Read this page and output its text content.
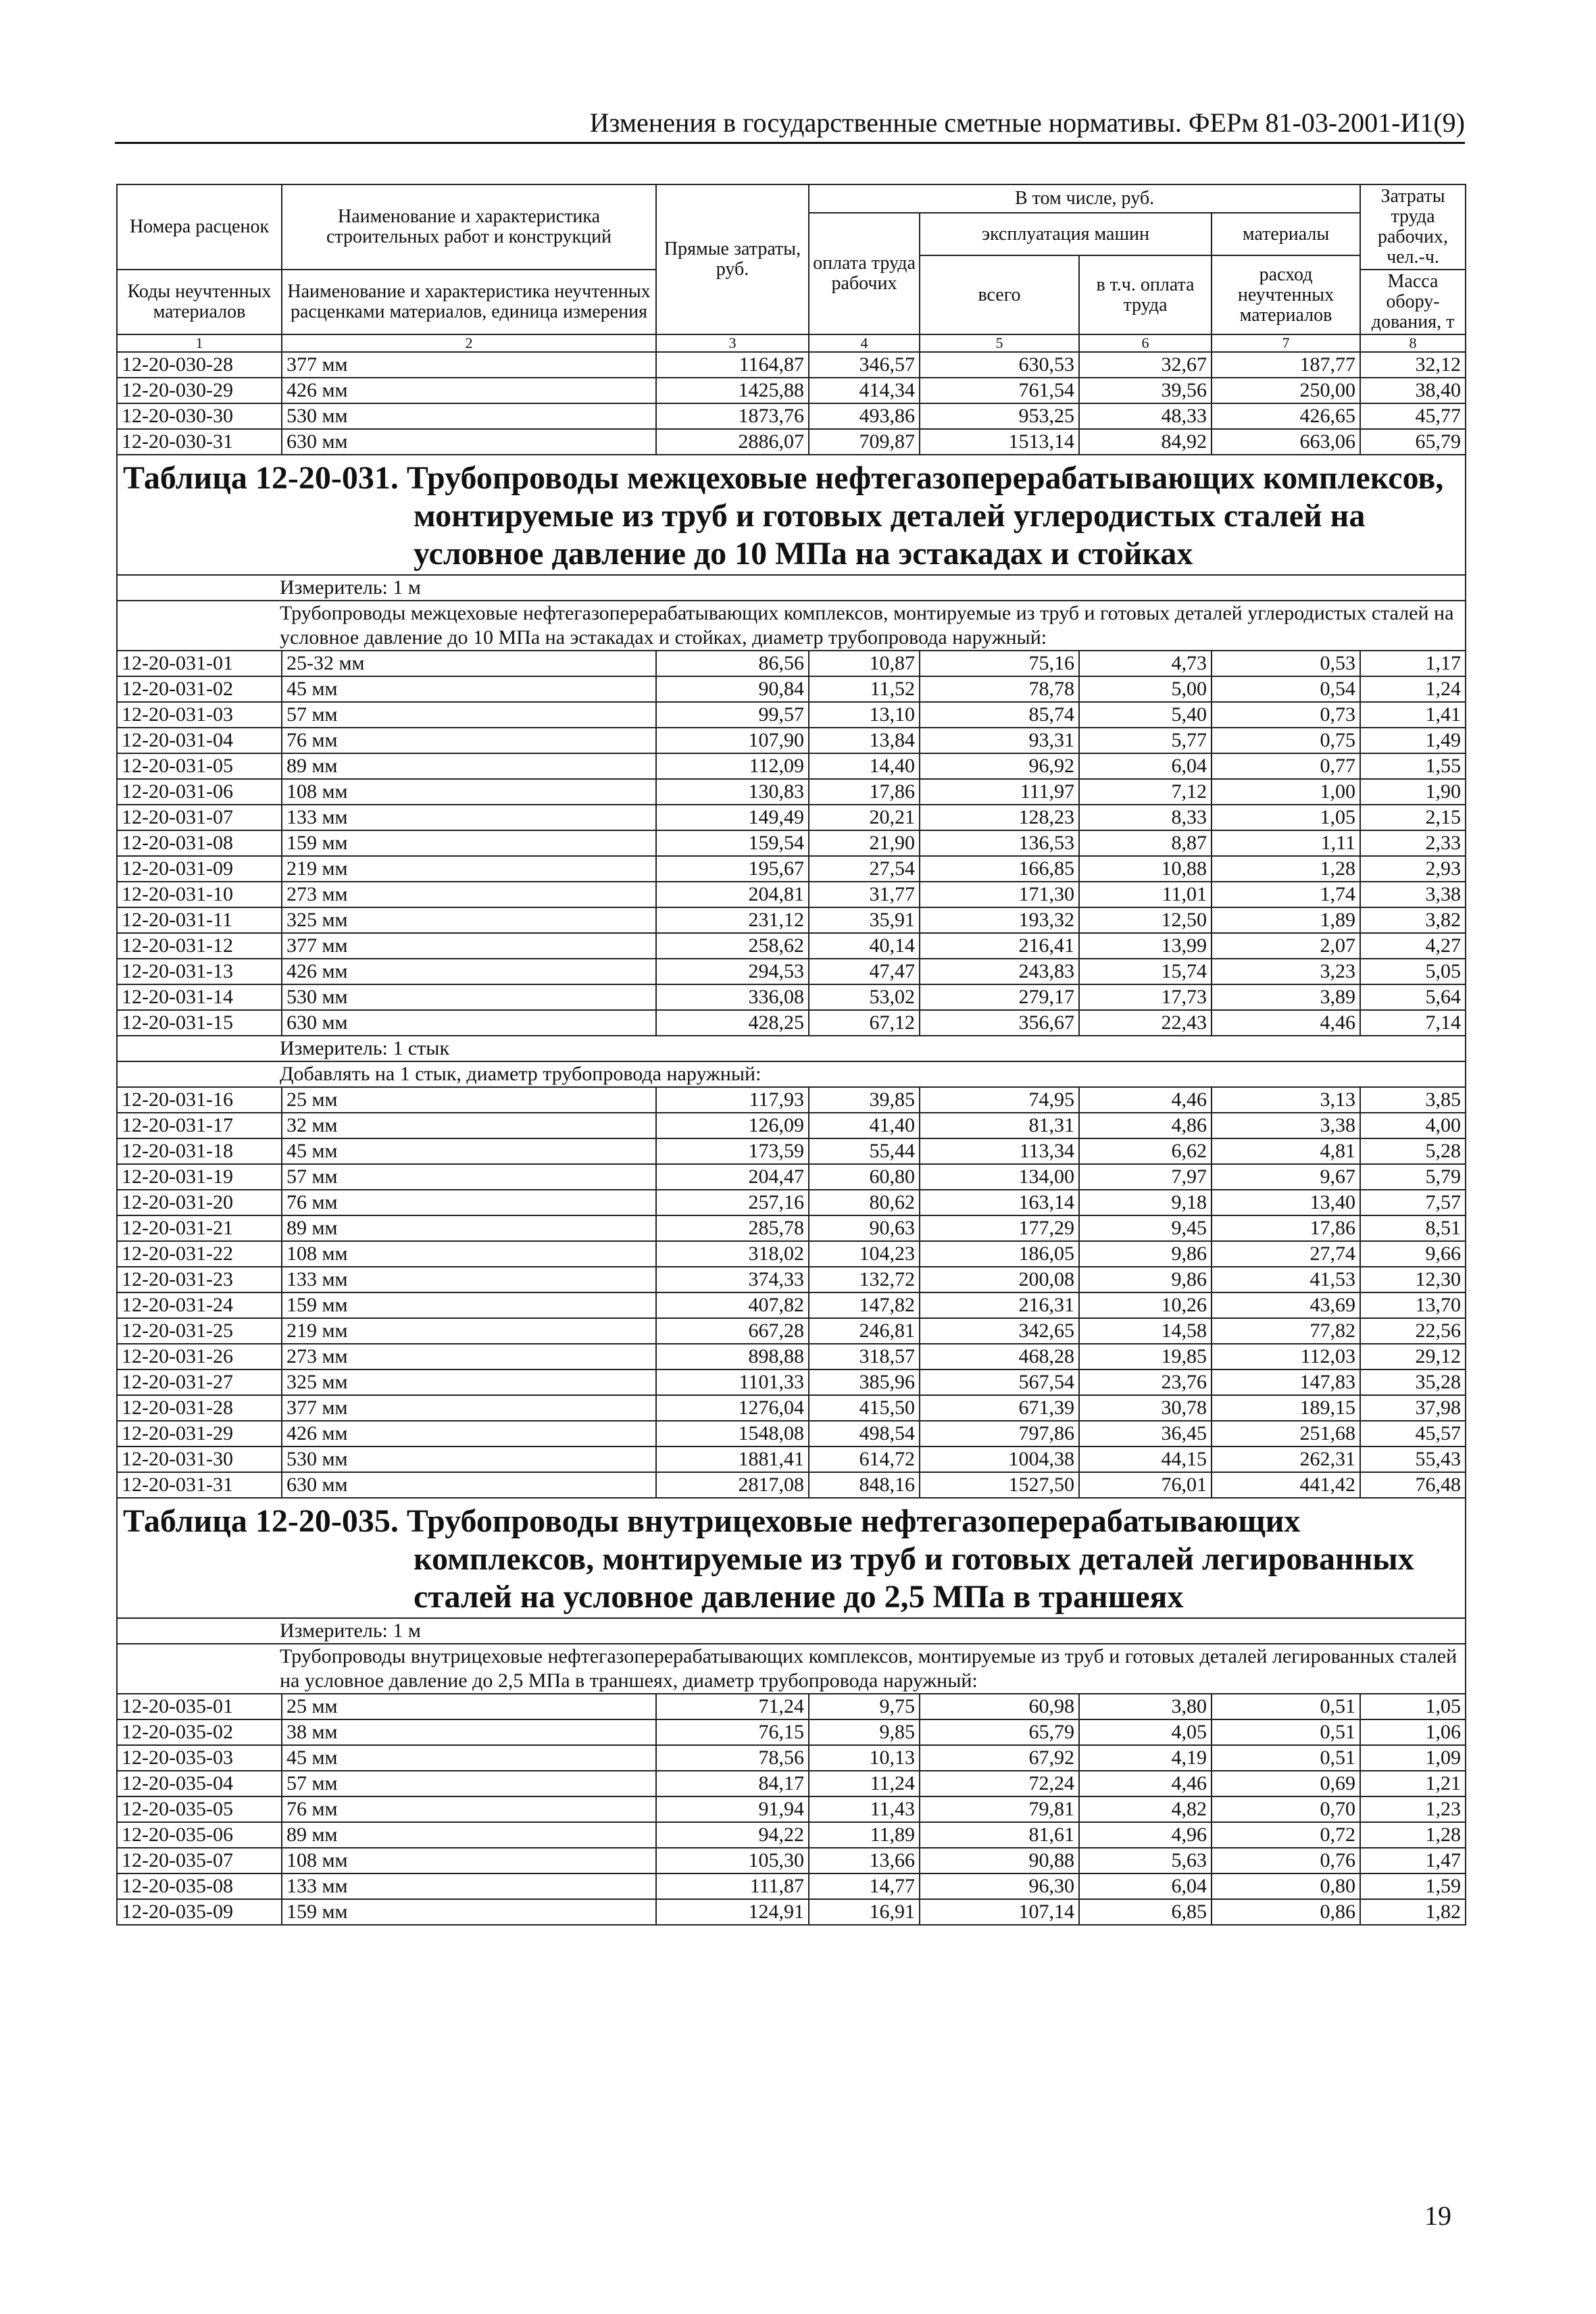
Изменения в государственные сметные нормативы. ФЕРм 81-03-2001-И1(9)
Номера расценок	Наименование и характеристика строительных работ и конструкций	Прямые затраты, руб.	В том числе, руб.				Затраты труда рабочих, чел.-ч.
			оплата труда рабочих	эксплуатация машин		материалы	
				всего	в т.ч. оплата труда	расход неучтенных материалов	
Коды неучтенных материалов	Наименование и характеристика неучтенных расценками материалов, единица измерения						Масса обору-дования, т

1	2	3	4	5	6	7	8
12-20-030-28	377 мм	1164,87	346,57	630,53	32,67	187,77	32,12
12-20-030-29	426 мм	1425,88	414,34	761,54	39,56	250,00	38,40
12-20-030-30	530 мм	1873,76	493,86	953,25	48,33	426,65	45,77
12-20-030-31	630 мм	2886,07	709,87	1513,14	84,92	663,06	65,79
Таблица 12-20-031. Трубопроводы межцеховые нефтегазоперерабатывающих комплексов,
монтируемые из труб и готовых деталей углеродистых сталей на
условное давление до 10 МПа на эстакадах и стойках							

Измеритель: 1 м							
Трубопроводы межцеховые нефтегазоперерабатывающих комплексов, монтируемые из труб и готовых деталей углеродистых сталей на условное давление до 10 МПа на эстакадах и стойках, диаметр трубопровода наружный:							
12-20-031-01	25-32 мм	86,56	10,87	75,16	4,73	0,53	1,17
12-20-031-02	45 мм	90,84	11,52	78,78	5,00	0,54	1,24
12-20-031-03	57 мм	99,57	13,10	85,74	5,40	0,73	1,41
12-20-031-04	76 мм	107,90	13,84	93,31	5,77	0,75	1,49
12-20-031-05	89 мм	112,09	14,40	96,92	6,04	0,77	1,55
12-20-031-06	108 мм	130,83	17,86	111,97	7,12	1,00	1,90
12-20-031-07	133 мм	149,49	20,21	128,23	8,33	1,05	2,15
12-20-031-08	159 мм	159,54	21,90	136,53	8,87	1,11	2,33
12-20-031-09	219 мм	195,67	27,54	166,85	10,88	1,28	2,93
12-20-031-10	273 мм	204,81	31,77	171,30	11,01	1,74	3,38
12-20-031-11	325 мм	231,12	35,91	193,32	12,50	1,89	3,82
12-20-031-12	377 мм	258,62	40,14	216,41	13,99	2,07	4,27
12-20-031-13	426 мм	294,53	47,47	243,83	15,74	3,23	5,05
12-20-031-14	530 мм	336,08	53,02	279,17	17,73	3,89	5,64
12-20-031-15	630 мм	428,25	67,12	356,67	22,43	4,46	7,14
Измеритель: 1 стык							
Добавлять на 1 стык, диаметр трубопровода наружный:							
12-20-031-16	25 мм	117,93	39,85	74,95	4,46	3,13	3,85
12-20-031-17	32 мм	126,09	41,40	81,31	4,86	3,38	4,00
12-20-031-18	45 мм	173,59	55,44	113,34	6,62	4,81	5,28
12-20-031-19	57 мм	204,47	60,80	134,00	7,97	9,67	5,79
12-20-031-20	76 мм	257,16	80,62	163,14	9,18	13,40	7,57
12-20-031-21	89 мм	285,78	90,63	177,29	9,45	17,86	8,51
12-20-031-22	108 мм	318,02	104,23	186,05	9,86	27,74	9,66
12-20-031-23	133 мм	374,33	132,72	200,08	9,86	41,53	12,30
12-20-031-24	159 мм	407,82	147,82	216,31	10,26	43,69	13,70
12-20-031-25	219 мм	667,28	246,81	342,65	14,58	77,82	22,56
12-20-031-26	273 мм	898,88	318,57	468,28	19,85	112,03	29,12
12-20-031-27	325 мм	1101,33	385,96	567,54	23,76	147,83	35,28
12-20-031-28	377 мм	1276,04	415,50	671,39	30,78	189,15	37,98
12-20-031-29	426 мм	1548,08	498,54	797,86	36,45	251,68	45,57
12-20-031-30	530 мм	1881,41	614,72	1004,38	44,15	262,31	55,43
12-20-031-31	630 мм	2817,08	848,16	1527,50	76,01	441,42	76,48
Таблица 12-20-035. Трубопроводы внутрицеховые нефтегазоперерабатывающих
комплексов, монтируемые из труб и готовых деталей легированных
сталей на условное давление до 2,5 МПа в траншеях							

Измеритель: 1 м							
Трубопроводы внутрицеховые нефтегазоперерабатывающих комплексов, монтируемые из труб и готовых деталей легированных сталей на условное давление до 2,5 МПа в траншеях, диаметр трубопровода наружный:							
12-20-035-01	25 мм	71,24	9,75	60,98	3,80	0,51	1,05
12-20-035-02	38 мм	76,15	9,85	65,79	4,05	0,51	1,06
12-20-035-03	45 мм	78,56	10,13	67,92	4,19	0,51	1,09
12-20-035-04	57 мм	84,17	11,24	72,24	4,46	0,69	1,21
12-20-035-05	76 мм	91,94	11,43	79,81	4,82	0,70	1,23
12-20-035-06	89 мм	94,22	11,89	81,61	4,96	0,72	1,28
12-20-035-07	108 мм	105,30	13,66	90,88	5,63	0,76	1,47
12-20-035-08	133 мм	111,87	14,77	96,30	6,04	0,80	1,59
12-20-035-09	159 мм	124,91	16,91	107,14	6,85	0,86	1,82
19
